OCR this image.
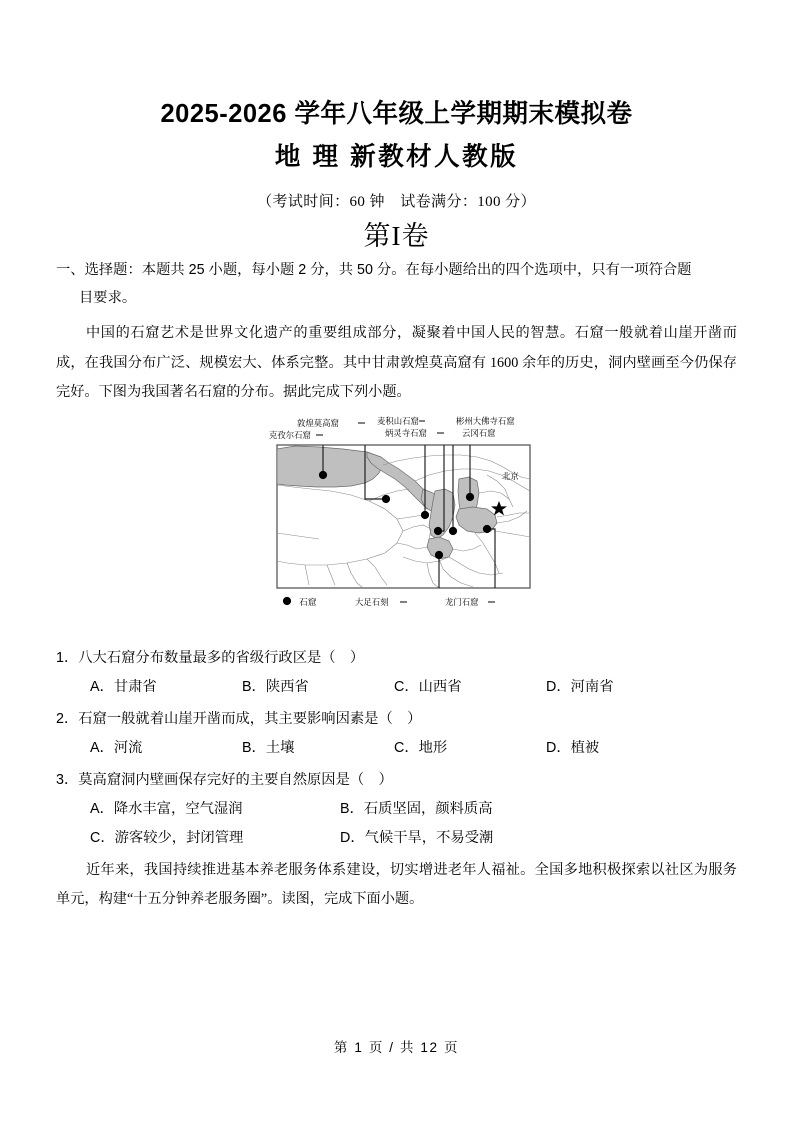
2025-2026 学年八年级上学期期末模拟卷
地 理 新教材人教版

（考试时间：60 钟　试卷满分：100 分）

第I卷

一、选择题：本题共 25 小题，每小题 2 分，共 50 分。在每小题给出的四个选项中，只有一项符合题
目要求。

中国的石窟艺术是世界文化遗产的重要组成部分，凝聚着中国人民的智慧。石窟一般就着山崖开凿而成，在我国分布广泛、规模宏大、体系完整。其中甘肃敦煌莫高窟有 1600 余年的历史，洞内壁画至今仍保存完好。下图为我国著名石窟的分布。据此完成下列小题。

克孜尔石窟
敦煌莫高窟	麦积山石窟
炳灵寺石窟
彬州大佛寺石窟
云冈石窟
北京
大足石刻	龙门石窟
石窟

1．八大石窟分布数量最多的省级行政区是（　）

A．甘肃省	B．陕西省	C．山西省	D．河南省

2．石窟一般就着山崖开凿而成，其主要影响因素是（　）

A．河流	B．土壤	C．地形	D．植被

3．莫高窟洞内壁画保存完好的主要自然原因是（　）

A．降水丰富，空气湿润	B．石质坚固，颜料质高
C．游客较少，封闭管理	D．气候干旱，不易受潮

近年来，我国持续推进基本养老服务体系建设，切实增进老年人福祉。全国多地积极探索以社区为服务单元，构建“十五分钟养老服务圈”。读图，完成下面小题。

第 1 页 / 共 12 页
